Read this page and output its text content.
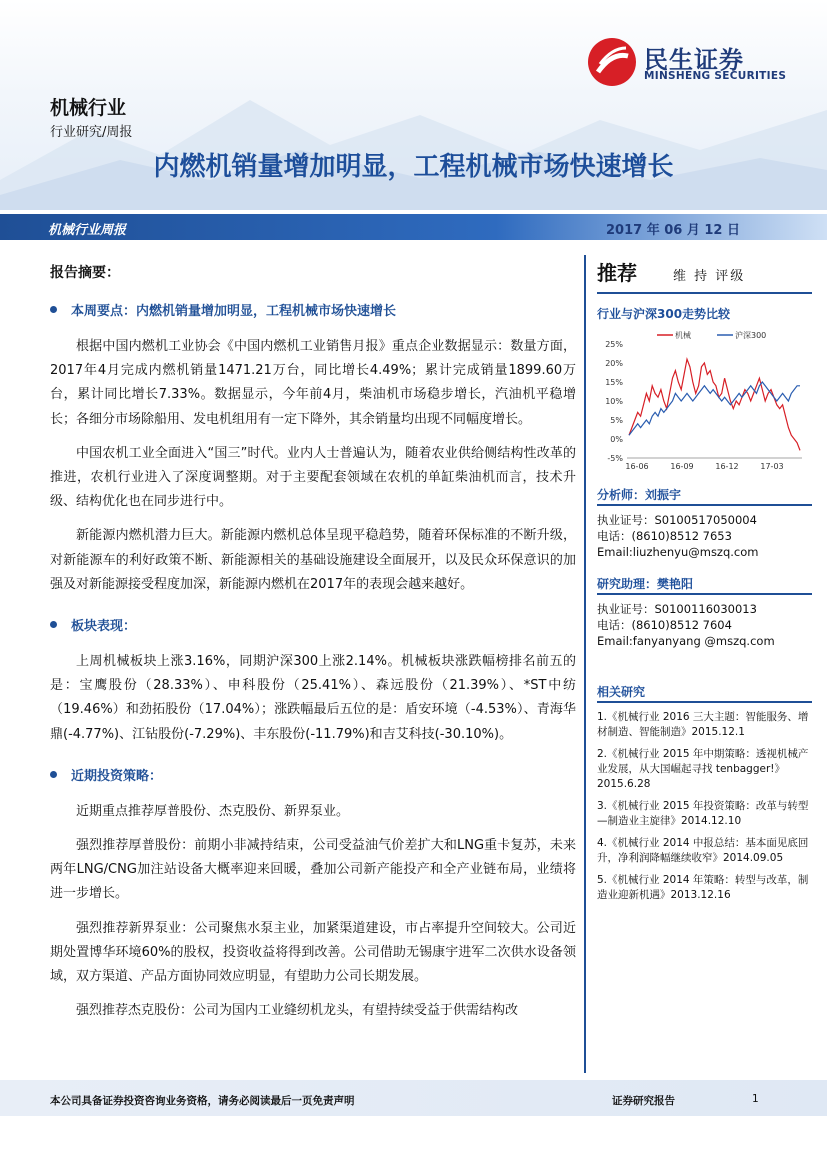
民生证券
MINSHENG SECURITIES
机械行业
行业研究/周报
内燃机销量增加明显，工程机械市场快速增长
机械行业周报	2017 年 06 月 12 日
报告摘要：
本周要点：内燃机销量增加明显，工程机械市场快速增长

根据中国内燃机工业协会《中国内燃机工业销售月报》重点企业数据显示：数量方面，2017年4月完成内燃机销量1471.21万台，同比增长4.49%；累计完成销量1899.60万台，累计同比增长7.33%。数据显示，今年前4月，柴油机市场稳步增长，汽油机平稳增长；各细分市场除船用、发电机组用有一定下降外，其余销量均出现不同幅度增长。

中国农机工业全面进入“国三”时代。业内人士普遍认为，随着农业供给侧结构性改革的推进，农机行业进入了深度调整期。对于主要配套领域在农机的单缸柴油机而言，技术升级、结构优化也在同步进行中。

新能源内燃机潜力巨大。新能源内燃机总体呈现平稳趋势，随着环保标准的不断升级，对新能源车的利好政策不断、新能源相关的基础设施建设全面展开，以及民众环保意识的加强及对新能源接受程度加深，新能源内燃机在2017年的表现会越来越好。

板块表现：

上周机械板块上涨3.16%，同期沪深300上涨2.14%。机械板块涨跌幅榜排名前五的是：宝鹰股份（28.33%）、申科股份（25.41%）、森远股份（21.39%）、*ST中纺（19.46%）和劲拓股份（17.04%）；涨跌幅最后五位的是：盾安环境（-4.53%）、青海华鼎(-4.77%)、江钻股份(-7.29%)、丰东股份(-11.79%)和吉艾科技(-30.10%)。

近期投资策略：

近期重点推荐厚普股份、杰克股份、新界泵业。

强烈推荐厚普股份：前期小非减持结束，公司受益油气价差扩大和LNG重卡复苏，未来两年LNG/CNG加注站设备大概率迎来回暖，叠加公司新产能投产和全产业链布局，业绩将进一步增长。

强烈推荐新界泵业：公司聚焦水泵主业，加紧渠道建设，市占率提升空间较大。公司近期处置博华环境60%的股权，投资收益将得到改善。公司借助无锡康宇进军二次供水设备领域，双方渠道、产品方面协同效应明显，有望助力公司长期发展。

强烈推荐杰克股份：公司为国内工业缝纫机龙头，有望持续受益于供需结构改

推荐	维 持 评级
行业与沪深300走势比较
25%
20%
15%
10%
5%
0%
-5%
16-06	16-09	16-12	17-03
机械	沪深300
分析师：刘振宇
执业证号：S0100517050004
电话：(8610)8512 7653
Email:liuzhenyu@mszq.com
研究助理：樊艳阳
执业证号：S0100116030013
电话：(8610)8512 7604
Email:fanyanyang @mszq.com
相关研究
1.《机械行业 2016 三大主题：智能服务、增材制造、智能制造》2015.12.1
2.《机械行业 2015 年中期策略：透视机械产业发展，从大国崛起寻找 tenbagger!》2015.6.28
3.《机械行业 2015 年投资策略：改革与转型—制造业主旋律》2014.12.10
4.《机械行业 2014 中报总结：基本面见底回升，净利润降幅继续收窄》2014.09.05
5.《机械行业 2014 年策略：转型与改革，制造业迎新机遇》2013.12.16
本公司具备证券投资咨询业务资格，请务必阅读最后一页免责声明	证券研究报告	1
